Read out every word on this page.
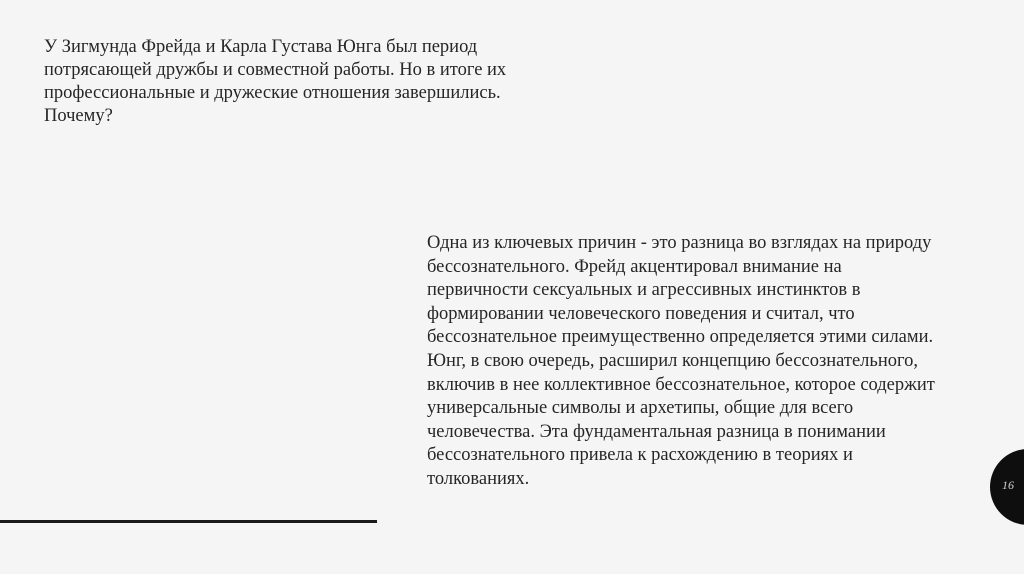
У Зигмунда Фрейда и Карла Густава Юнга был период потрясающей дружбы и совместной работы. Но в итоге их профессиональные и дружеские отношения завершились. Почему?

Одна из ключевых причин - это разница во взглядах на природу бессознательного. Фрейд акцентировал внимание на первичности сексуальных и агрессивных инстинктов в формировании человеческого поведения и считал, что бессознательное преимущественно определяется этими силами. Юнг, в свою очередь, расширил концепцию бессознательного, включив в нее коллективное бессознательное, которое содержит универсальные символы и архетипы, общие для всего человечества. Эта фундаментальная разница в понимании бессознательного привела к расхождению в теориях и толкованиях.	16
